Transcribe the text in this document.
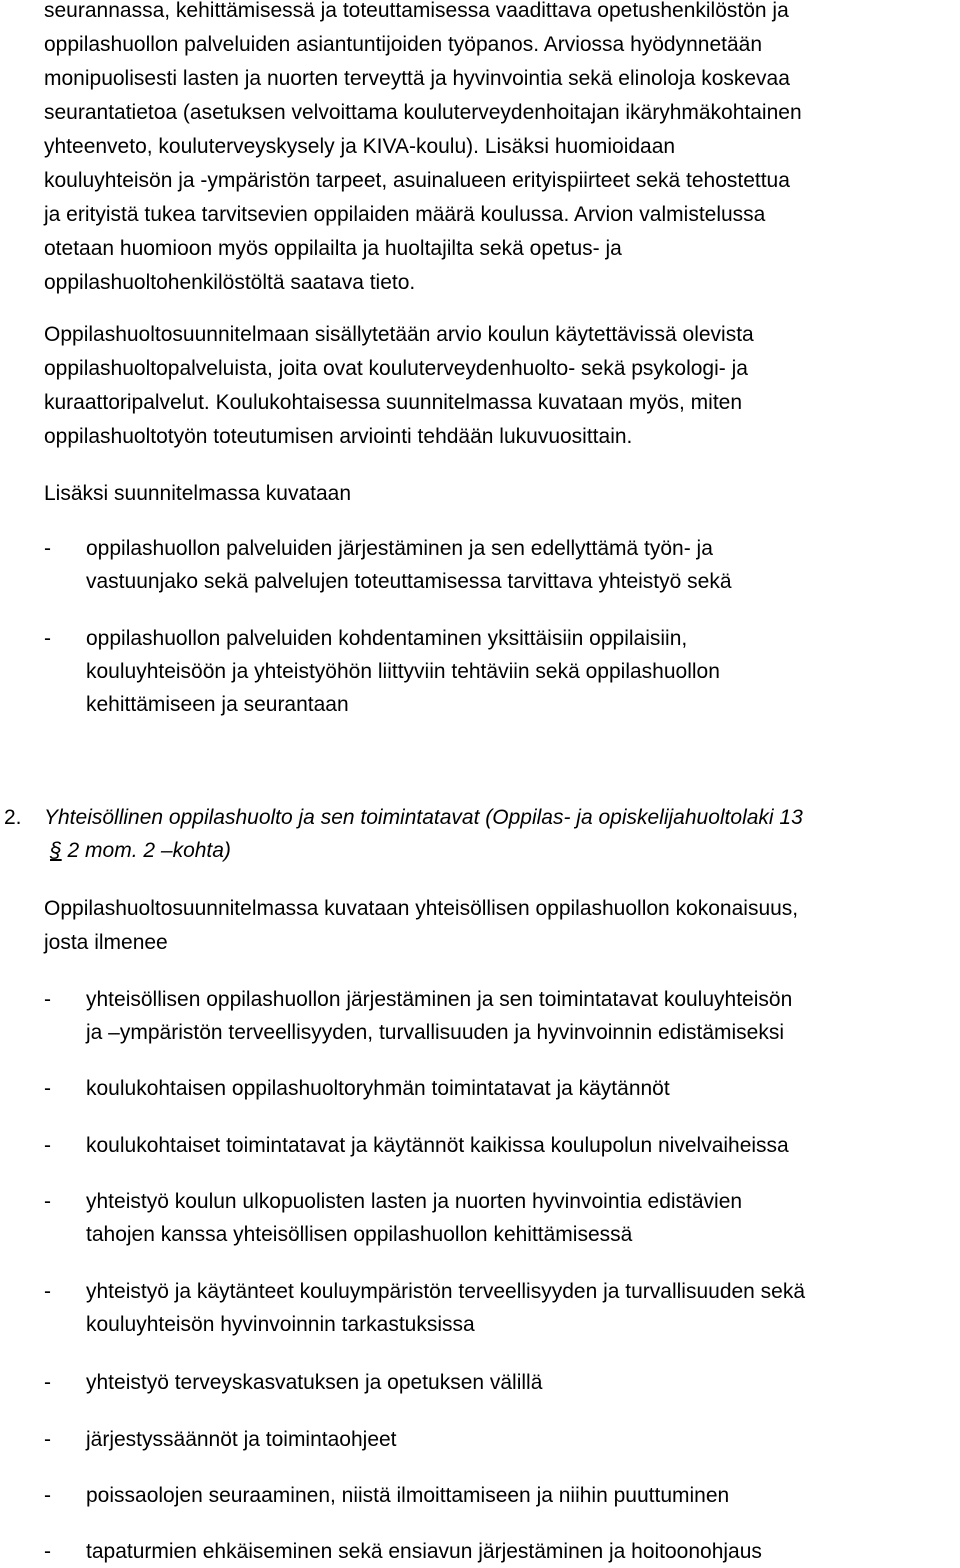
seurannassa, kehittämisessä ja toteuttamisessa vaadittava opetushenkilöstön ja
oppilashuollon palveluiden asiantuntijoiden työpanos. Arviossa hyödynnetään
monipuolisesti lasten ja nuorten terveyttä ja hyvinvointia sekä elinoloja koskevaa
seurantatietoa (asetuksen velvoittama kouluterveydenhoitajan ikäryhmäkohtainen
yhteenveto, kouluterveyskysely ja KIVA-koulu). Lisäksi huomioidaan
kouluyhteisön ja -ympäristön tarpeet, asuinalueen erityispiirteet sekä tehostettua
ja erityistä tukea tarvitsevien oppilaiden määrä koulussa. Arvion valmistelussa
otetaan huomioon myös oppilailta ja huoltajilta sekä opetus- ja
oppilashuoltohenkilöstöltä saatava tieto.
Oppilashuoltosuunnitelmaan sisällytetään arvio koulun käytettävissä olevista
oppilashuoltopalveluista, joita ovat kouluterveydenhuolto- sekä psykologi- ja
kuraattoripalvelut. Koulukohtaisessa suunnitelmassa kuvataan myös, miten
oppilashuoltotyön toteutumisen arviointi tehdään lukuvuosittain.
Lisäksi suunnitelmassa kuvataan
- oppilashuollon palveluiden järjestäminen ja sen edellyttämä työn- ja
vastuunjako sekä palvelujen toteuttamisessa tarvittava yhteistyö sekä
- oppilashuollon palveluiden kohdentaminen yksittäisiin oppilaisiin,
kouluyhteisöön ja yhteistyöhön liittyviin tehtäviin sekä oppilashuollon
kehittämiseen ja seurantaan
2. Yhteisöllinen oppilashuolto ja sen toimintatavat (Oppilas- ja opiskelijahuoltolaki 13
§ 2 mom. 2 –kohta)
Oppilashuoltosuunnitelmassa kuvataan yhteisöllisen oppilashuollon kokonaisuus,
josta ilmenee
- yhteisöllisen oppilashuollon järjestäminen ja sen toimintatavat kouluyhteisön
ja –ympäristön terveellisyyden, turvallisuuden ja hyvinvoinnin edistämiseksi
- koulukohtaisen oppilashuoltoryhmän toimintatavat ja käytännöt
- koulukohtaiset toimintatavat ja käytännöt kaikissa koulupolun nivelvaiheissa
- yhteistyö koulun ulkopuolisten lasten ja nuorten hyvinvointia edistävien
tahojen kanssa yhteisöllisen oppilashuollon kehittämisessä
- yhteistyö ja käytänteet kouluympäristön terveellisyyden ja turvallisuuden sekä
kouluyhteisön hyvinvoinnin tarkastuksissa
- yhteistyö terveyskasvatuksen ja opetuksen välillä
- järjestyssäännöt ja toimintaohjeet
- poissaolojen seuraaminen, niistä ilmoittamiseen ja niihin puuttuminen
- tapaturmien ehkäiseminen sekä ensiavun järjestäminen ja hoitoonohjaus
